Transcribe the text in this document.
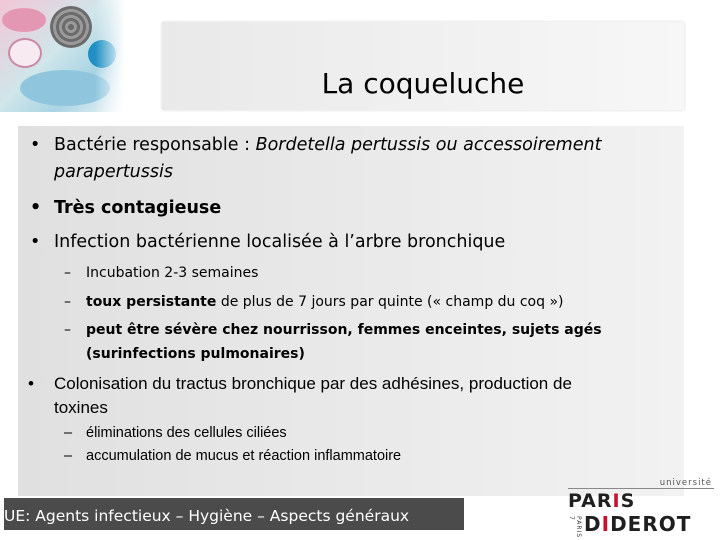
La coqueluche
• Bactérie responsable : Bordetella pertussis ou accessoirement
parapertussis
• Très contagieuse
• Infection bactérienne localisée à l’arbre bronchique
– Incubation 2-3 semaines
– toux persistante de plus de 7 jours par quinte (« champ du coq »)
– peut être sévère chez nourrisson, femmes enceintes, sujets agés
(surinfections pulmonaires)
• Colonisation du tractus bronchique par des adhésines, production de
toxines
– éliminations des cellules ciliées
– accumulation de mucus et réaction inflammatoire
UE: Agents infectieux – Hygiène – Aspects généraux
université
PARIS
PARIS 7 DIDEROT
